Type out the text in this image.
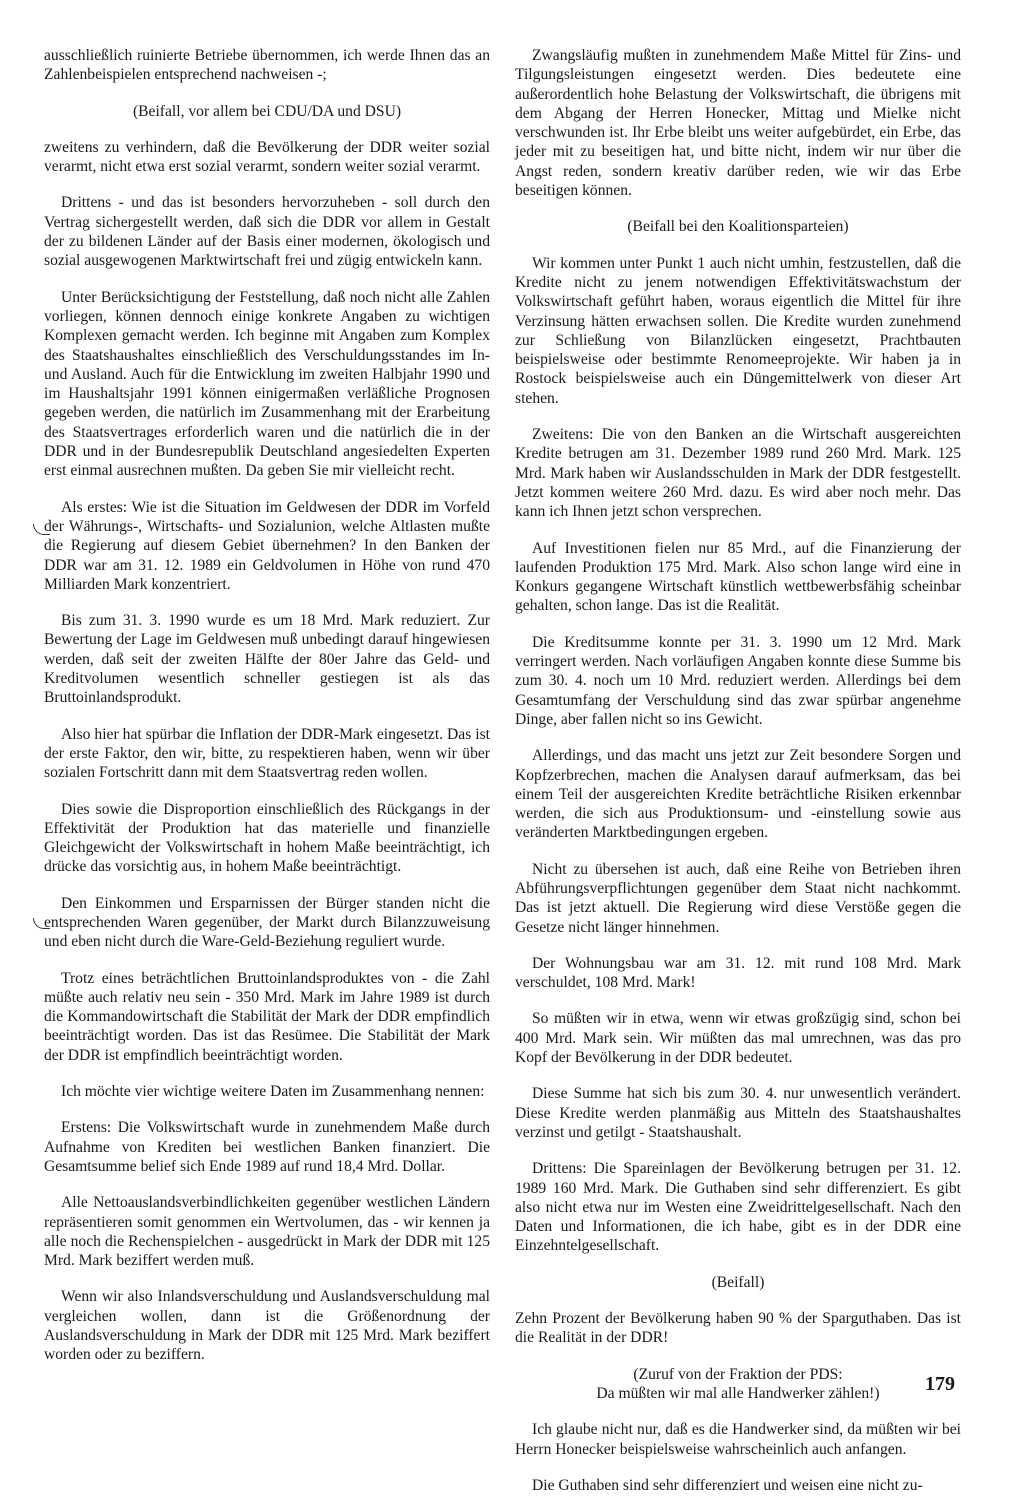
ausschließlich ruinierte Betriebe übernommen, ich werde Ihnen das an Zahlenbeispielen entsprechend nachweisen -;

(Beifall, vor allem bei CDU/DA und DSU)

zweitens zu verhindern, daß die Bevölkerung der DDR weiter sozial verarmt, nicht etwa erst sozial verarmt, sondern weiter sozial verarmt.

Drittens - und das ist besonders hervorzuheben - soll durch den Vertrag sichergestellt werden, daß sich die DDR vor allem in Gestalt der zu bildenen Länder auf der Basis einer modernen, ökologisch und sozial ausgewogenen Marktwirtschaft frei und zügig entwickeln kann.

Unter Berücksichtigung der Feststellung, daß noch nicht alle Zahlen vorliegen, können dennoch einige konkrete Angaben zu wichtigen Komplexen gemacht werden. Ich beginne mit Angaben zum Komplex des Staatshaushaltes einschließlich des Verschuldungsstandes im In- und Ausland. Auch für die Entwicklung im zweiten Halbjahr 1990 und im Haushaltsjahr 1991 können einigermaßen verläßliche Prognosen gegeben werden, die natürlich im Zusammenhang mit der Erarbeitung des Staatsvertrages erforderlich waren und die natürlich die in der DDR und in der Bundesrepublik Deutschland angesiedelten Experten erst einmal ausrechnen mußten. Da geben Sie mir vielleicht recht.

Als erstes: Wie ist die Situation im Geldwesen der DDR im Vorfeld der Währungs-, Wirtschafts- und Sozialunion, welche Altlasten mußte die Regierung auf diesem Gebiet übernehmen? In den Banken der DDR war am 31. 12. 1989 ein Geldvolumen in Höhe von rund 470 Milliarden Mark konzentriert.

Bis zum 31. 3. 1990 wurde es um 18 Mrd. Mark reduziert. Zur Bewertung der Lage im Geldwesen muß unbedingt darauf hingewiesen werden, daß seit der zweiten Hälfte der 80er Jahre das Geld- und Kreditvolumen wesentlich schneller gestiegen ist als das Bruttoinlandsprodukt.

Also hier hat spürbar die Inflation der DDR-Mark eingesetzt. Das ist der erste Faktor, den wir, bitte, zu respektieren haben, wenn wir über sozialen Fortschritt dann mit dem Staatsvertrag reden wollen.

Dies sowie die Disproportion einschließlich des Rückgangs in der Effektivität der Produktion hat das materielle und finanzielle Gleichgewicht der Volkswirtschaft in hohem Maße beeinträchtigt, ich drücke das vorsichtig aus, in hohem Maße beeinträchtigt.

Den Einkommen und Ersparnissen der Bürger standen nicht die entsprechenden Waren gegenüber, der Markt durch Bilanzzuweisung und eben nicht durch die Ware-Geld-Beziehung reguliert wurde.

Trotz eines beträchtlichen Bruttoinlandsproduktes von - die Zahl müßte auch relativ neu sein - 350 Mrd. Mark im Jahre 1989 ist durch die Kommandowirtschaft die Stabilität der Mark der DDR empfindlich beeinträchtigt worden. Das ist das Resümee. Die Stabilität der Mark der DDR ist empfindlich beeinträchtigt worden.

Ich möchte vier wichtige weitere Daten im Zusammenhang nennen:

Erstens: Die Volkswirtschaft wurde in zunehmendem Maße durch Aufnahme von Krediten bei westlichen Banken finanziert. Die Gesamtsumme belief sich Ende 1989 auf rund 18,4 Mrd. Dollar.

Alle Nettoauslandsverbindlichkeiten gegenüber westlichen Ländern repräsentieren somit genommen ein Wertvolumen, das - wir kennen ja alle noch die Rechenspielchen - ausgedrückt in Mark der DDR mit 125 Mrd. Mark beziffert werden muß.

Wenn wir also Inlandsverschuldung und Auslandsverschuldung mal vergleichen wollen, dann ist die Größenordnung der Auslandsverschuldung in Mark der DDR mit 125 Mrd. Mark beziffert worden oder zu beziffern.

Zwangsläufig mußten in zunehmendem Maße Mittel für Zins- und Tilgungsleistungen eingesetzt werden. Dies bedeutete eine außerordentlich hohe Belastung der Volkswirtschaft, die übrigens mit dem Abgang der Herren Honecker, Mittag und Mielke nicht verschwunden ist. Ihr Erbe bleibt uns weiter aufgebürdet, ein Erbe, das jeder mit zu beseitigen hat, und bitte nicht, indem wir nur über die Angst reden, sondern kreativ darüber reden, wie wir das Erbe beseitigen können.

(Beifall bei den Koalitionsparteien)

Wir kommen unter Punkt 1 auch nicht umhin, festzustellen, daß die Kredite nicht zu jenem notwendigen Effektivitätswachstum der Volkswirtschaft geführt haben, woraus eigentlich die Mittel für ihre Verzinsung hätten erwachsen sollen. Die Kredite wurden zunehmend zur Schließung von Bilanzlücken eingesetzt, Prachtbauten beispielsweise oder bestimmte Renomeeprojekte. Wir haben ja in Rostock beispielsweise auch ein Düngemittelwerk von dieser Art stehen.

Zweitens: Die von den Banken an die Wirtschaft ausgereichten Kredite betrugen am 31. Dezember 1989 rund 260 Mrd. Mark. 125 Mrd. Mark haben wir Auslandsschulden in Mark der DDR festgestellt. Jetzt kommen weitere 260 Mrd. dazu. Es wird aber noch mehr. Das kann ich Ihnen jetzt schon versprechen.

Auf Investitionen fielen nur 85 Mrd., auf die Finanzierung der laufenden Produktion 175 Mrd. Mark. Also schon lange wird eine in Konkurs gegangene Wirtschaft künstlich wettbewerbsfähig scheinbar gehalten, schon lange. Das ist die Realität.

Die Kreditsumme konnte per 31. 3. 1990 um 12 Mrd. Mark verringert werden. Nach vorläufigen Angaben konnte diese Summe bis zum 30. 4. noch um 10 Mrd. reduziert werden. Allerdings bei dem Gesamtumfang der Verschuldung sind das zwar spürbar angenehme Dinge, aber fallen nicht so ins Gewicht.

Allerdings, und das macht uns jetzt zur Zeit besondere Sorgen und Kopfzerbrechen, machen die Analysen darauf aufmerksam, das bei einem Teil der ausgereichten Kredite beträchtliche Risiken erkennbar werden, die sich aus Produktionsum- und -einstellung sowie aus veränderten Marktbedingungen ergeben.

Nicht zu übersehen ist auch, daß eine Reihe von Betrieben ihren Abführungsverpflichtungen gegenüber dem Staat nicht nachkommt. Das ist jetzt aktuell. Die Regierung wird diese Verstöße gegen die Gesetze nicht länger hinnehmen.

Der Wohnungsbau war am 31. 12. mit rund 108 Mrd. Mark verschuldet, 108 Mrd. Mark!

So müßten wir in etwa, wenn wir etwas großzügig sind, schon bei 400 Mrd. Mark sein. Wir müßten das mal umrechnen, was das pro Kopf der Bevölkerung in der DDR bedeutet.

Diese Summe hat sich bis zum 30. 4. nur unwesentlich verändert. Diese Kredite werden planmäßig aus Mitteln des Staatshaushaltes verzinst und getilgt - Staatshaushalt.

Drittens: Die Spareinlagen der Bevölkerung betrugen per 31. 12. 1989 160 Mrd. Mark. Die Guthaben sind sehr differenziert. Es gibt also nicht etwa nur im Westen eine Zweidrittelgesellschaft. Nach den Daten und Informationen, die ich habe, gibt es in der DDR eine Einzehntelgesellschaft.

(Beifall)

Zehn Prozent der Bevölkerung haben 90 % der Sparguthaben. Das ist die Realität in der DDR!

(Zuruf von der Fraktion der PDS:
Da müßten wir mal alle Handwerker zählen!)

Ich glaube nicht nur, daß es die Handwerker sind, da müßten wir bei Herrn Honecker beispielsweise wahrscheinlich auch anfangen.

Die Guthaben sind sehr differenziert und weisen eine nicht zu-

179
